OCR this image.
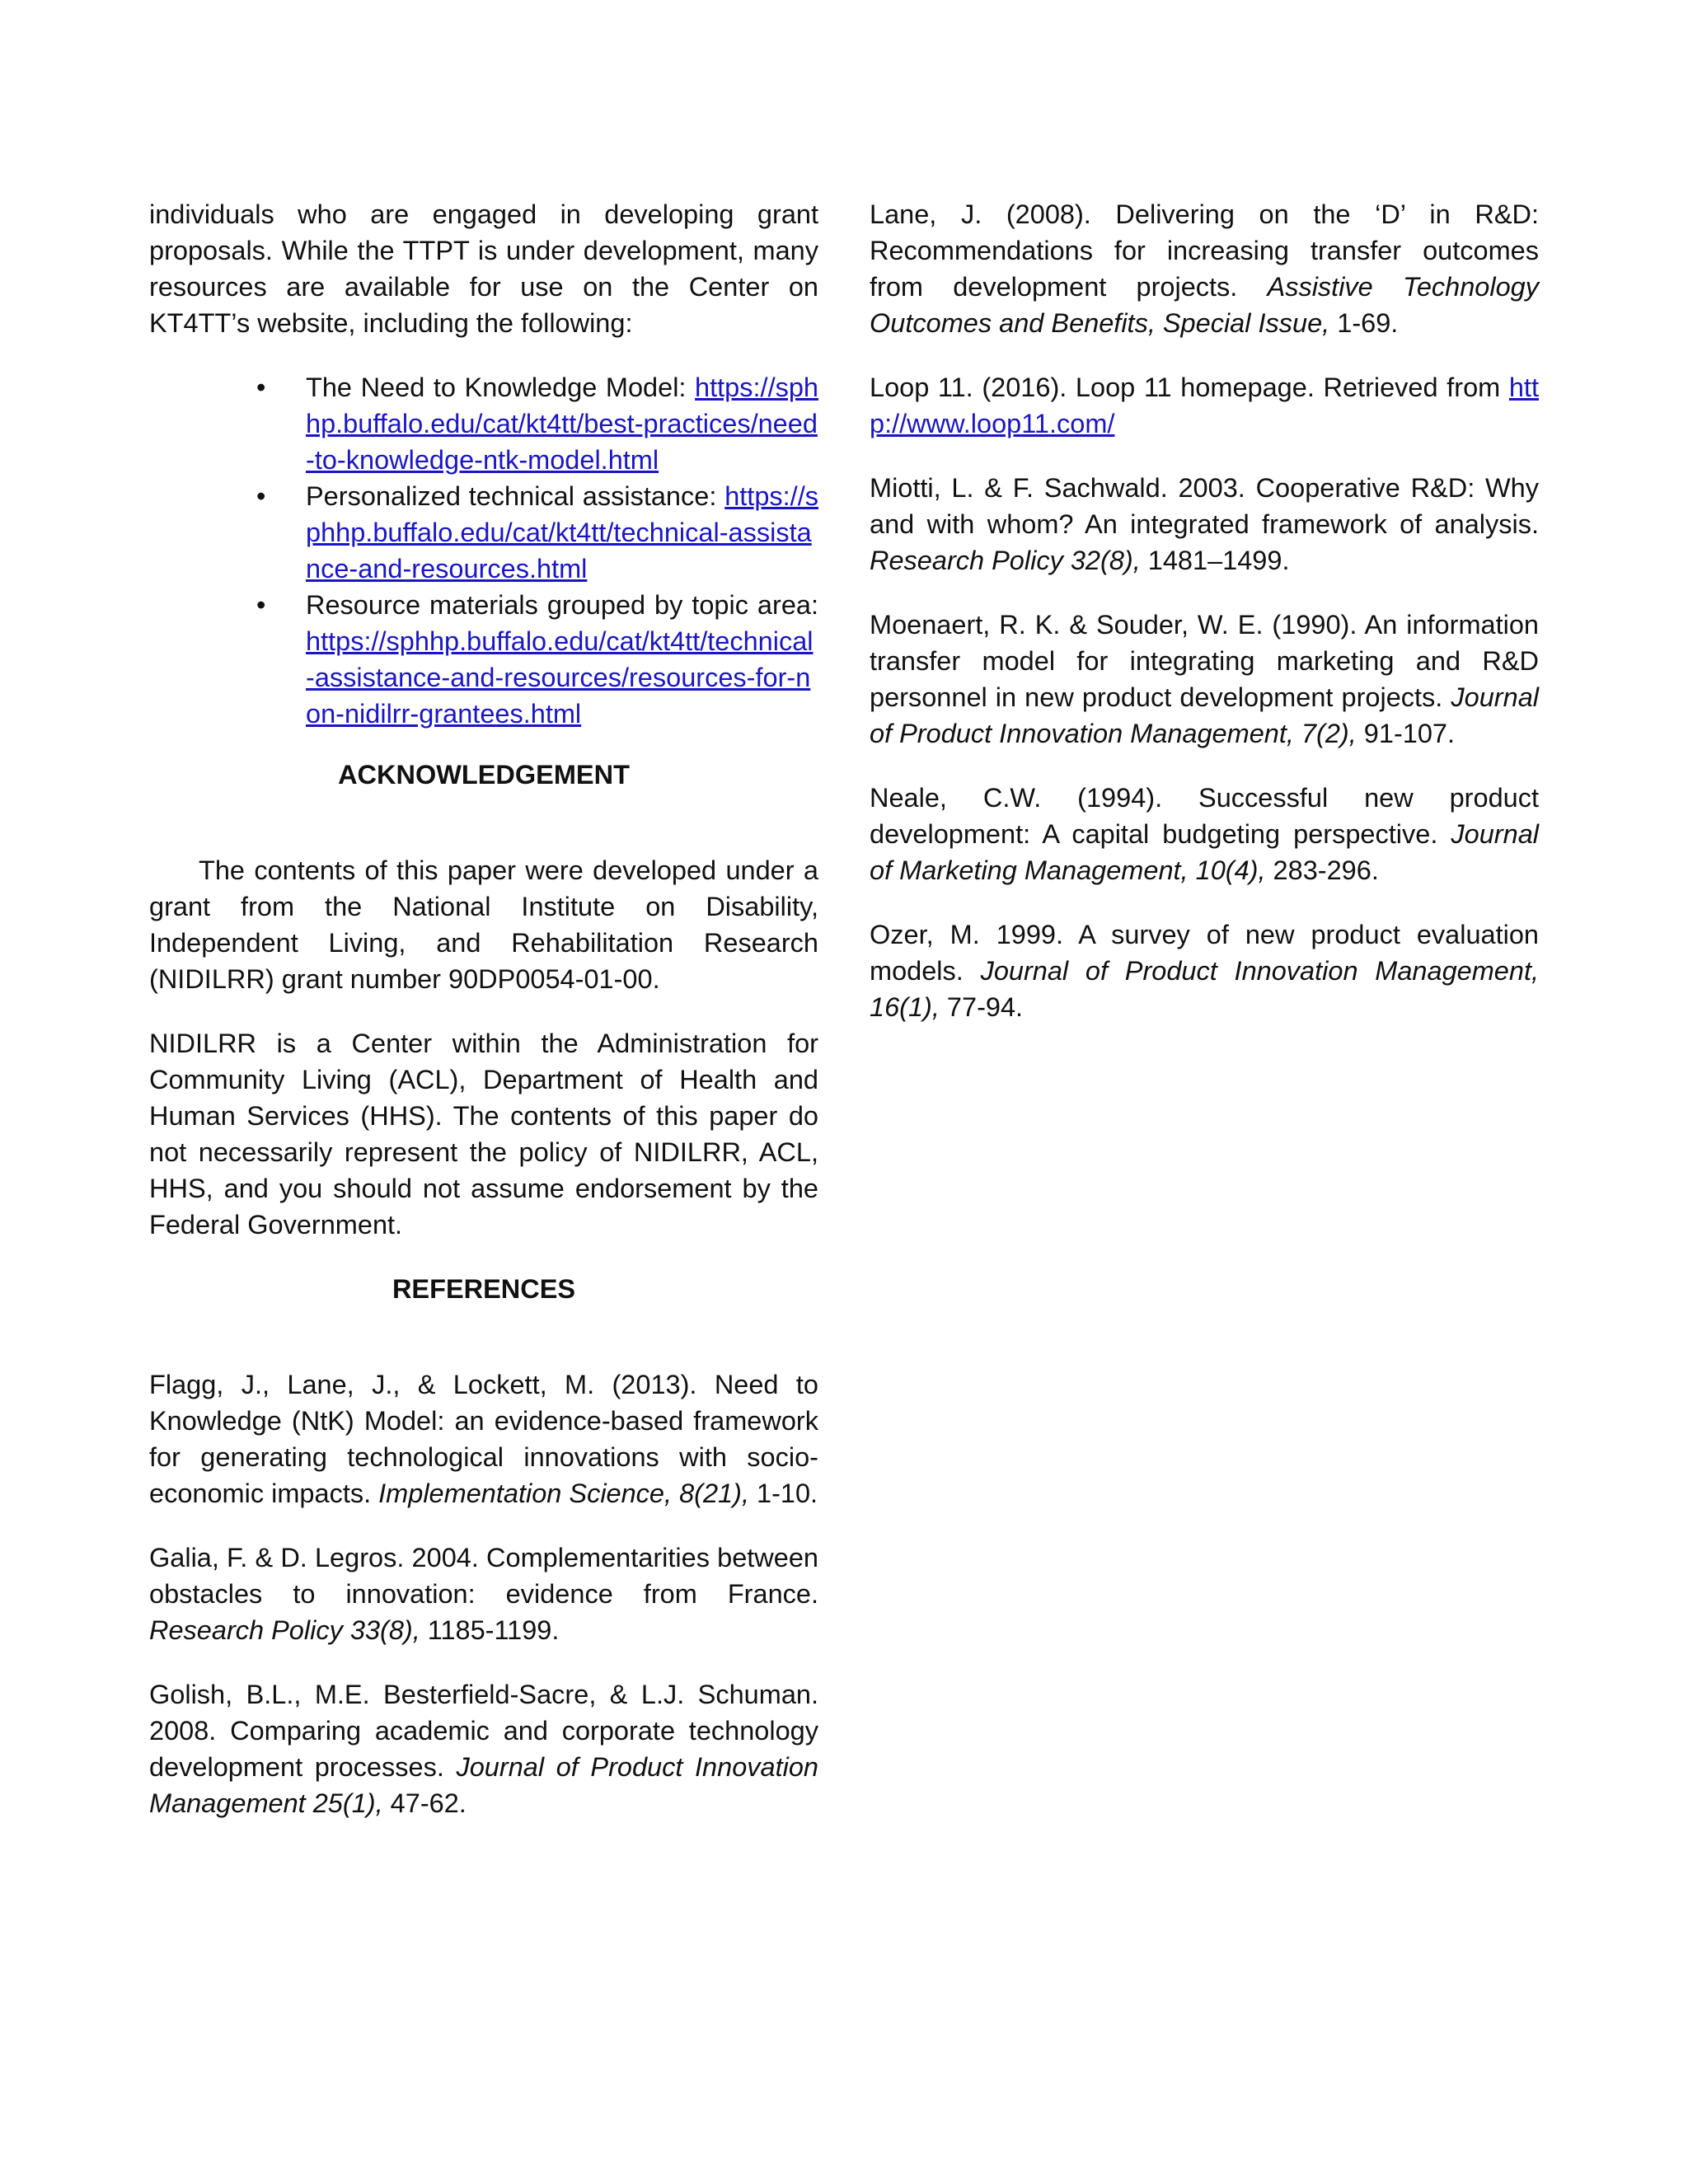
individuals who are engaged in developing grant proposals. While the TTPT is under development, many resources are available for use on the Center on KT4TT’s website, including the following:

• The Need to Knowledge Model: https://sphhp.buffalo.edu/cat/kt4tt/best-practices/need-to-knowledge-ntk-model.html
• Personalized technical assistance: https://sphhp.buffalo.edu/cat/kt4tt/technical-assistance-and-resources.html
• Resource materials grouped by topic area: https://sphhp.buffalo.edu/cat/kt4tt/technical-assistance-and-resources/resources-for-non-nidilrr-grantees.html
ACKNOWLEDGEMENT

The contents of this paper were developed under a grant from the National Institute on Disability, Independent Living, and Rehabilitation Research (NIDILRR) grant number 90DP0054-01-00.

NIDILRR is a Center within the Administration for Community Living (ACL), Department of Health and Human Services (HHS). The contents of this paper do not necessarily represent the policy of NIDILRR, ACL, HHS, and you should not assume endorsement by the Federal Government.

REFERENCES

Flagg, J., Lane, J., & Lockett, M. (2013). Need to Knowledge (NtK) Model: an evidence-based framework for generating technological innovations with socio-economic impacts. Implementation Science, 8(21), 1-10.

Galia, F. & D. Legros. 2004. Complementarities between obstacles to innovation: evidence from France. Research Policy 33(8), 1185-1199.

Golish, B.L., M.E. Besterfield-Sacre, & L.J. Schuman. 2008. Comparing academic and corporate technology development processes. Journal of Product Innovation Management 25(1), 47-62.

Lane, J. (2008). Delivering on the ‘D’ in R&D: Recommendations for increasing transfer outcomes from development projects. Assistive Technology Outcomes and Benefits, Special Issue, 1-69.

Loop 11. (2016). Loop 11 homepage. Retrieved from http://www.loop11.com/

Miotti, L. & F. Sachwald. 2003. Cooperative R&D: Why and with whom? An integrated framework of analysis. Research Policy 32(8), 1481–1499.

Moenaert, R. K. & Souder, W. E. (1990). An information transfer model for integrating marketing and R&D personnel in new product development projects. Journal of Product Innovation Management, 7(2), 91-107.

Neale, C.W. (1994). Successful new product development: A capital budgeting perspective. Journal of Marketing Management, 10(4), 283-296.

Ozer, M. 1999. A survey of new product evaluation models. Journal of Product Innovation Management, 16(1), 77-94.
